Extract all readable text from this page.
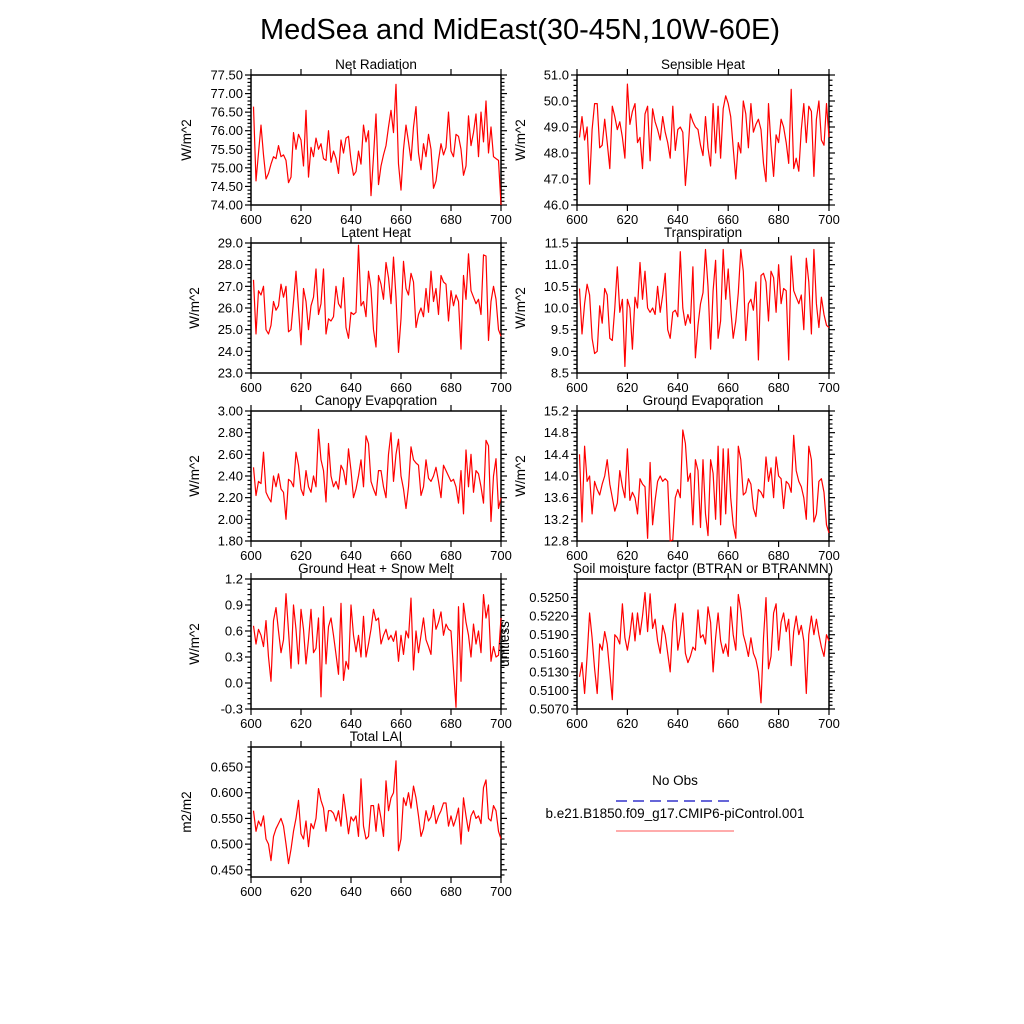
MedSea and MidEast(30-45N,10W-60E)
600 620 640 660 680 700
74.00
74.50
75.00
75.50
76.00
76.50
77.00
77.50
Net Radiation
W/m^2
600 620 640 660 680 700
46.0
47.0
48.0
49.0
50.0
51.0
Sensible Heat
W/m^2
600 620 640 660 680 700
23.0
24.0
25.0
26.0
27.0
28.0
29.0
Latent Heat
W/m^2
600 620 640 660 680 700
8.5
9.0
9.5
10.0
10.5
11.0
11.5
Transpiration
W/m^2
600 620 640 660 680 700
1.80
2.00
2.20
2.40
2.60
2.80
3.00
Canopy Evaporation
W/m^2
600 620 640 660 680 700
12.8
13.2
13.6
14.0
14.4
14.8
15.2
Ground Evaporation
W/m^2
600 620 640 660 680 700
-0.3
0.0
0.3
0.6
0.9
1.2
Ground Heat + Snow Melt
W/m^2
600 620 640 660 680 700
0.5070
0.5100
0.5130
0.5160
0.5190
0.5220
0.5250
Soil moisture factor (BTRAN or BTRANMN)
unitless
600 620 640 660 680 700
0.450
0.500
0.550
0.600
0.650
Total LAI
m2/m2
No Obs
b.e21.B1850.f09_g17.CMIP6-piControl.001
